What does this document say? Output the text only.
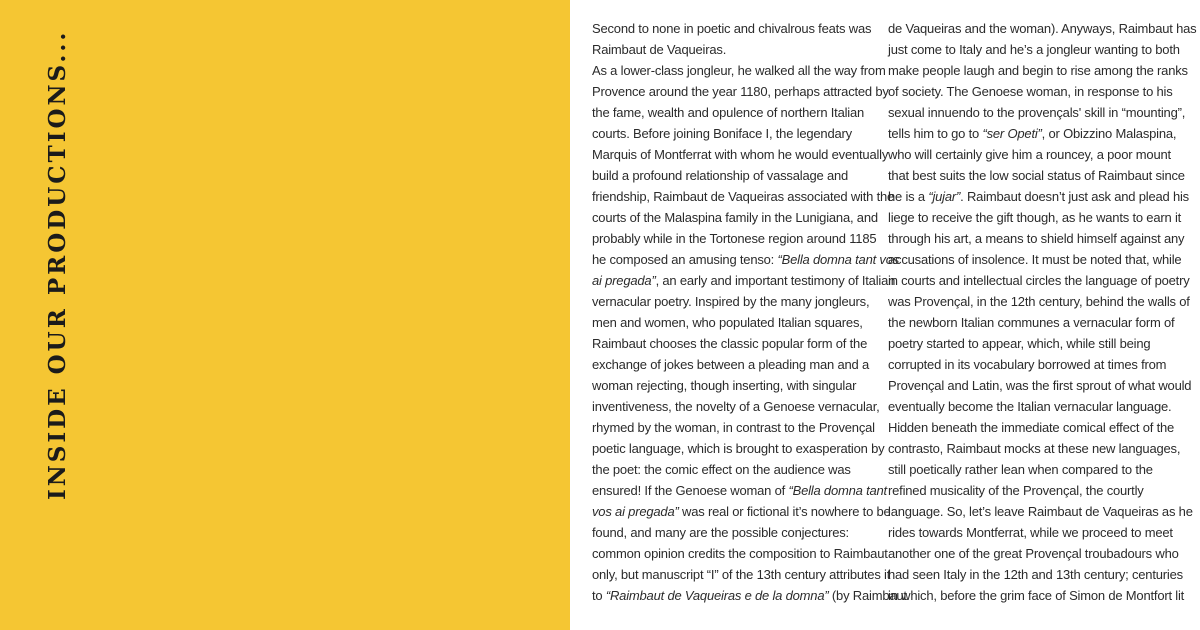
INSIDE OUR PRODUCTIONS...
Second to none in poetic and chivalrous feats was
Raimbaut de Vaqueiras.
As a lower-class jongleur, he walked all the way from
Provence around the year 1180, perhaps attracted by
the fame, wealth and opulence of northern Italian
courts. Before joining Boniface I, the legendary
Marquis of Montferrat with whom he would eventually
build a profound relationship of vassalage and
friendship, Raimbaut de Vaqueiras associated with the
courts of the Malaspina family in the Lunigiana, and
probably while in the Tortonese region around 1185
he composed an amusing tenso: “Bella domna tant vos
ai pregada”, an early and important testimony of Italian
vernacular poetry. Inspired by the many jongleurs,
men and women, who populated Italian squares,
Raimbaut chooses the classic popular form of the
exchange of jokes between a pleading man and a
woman rejecting, though inserting, with singular
inventiveness, the novelty of a Genoese vernacular,
rhymed by the woman, in contrast to the Provençal
poetic language, which is brought to exasperation by
the poet: the comic effect on the audience was
ensured! If the Genoese woman of “Bella domna tant
vos ai pregada” was real or fictional it’s nowhere to be
found, and many are the possible conjectures:
common opinion credits the composition to Raimbaut
only, but manuscript “I” of the 13th century attributes it
to “Raimbaut de Vaqueiras e de la domna” (by Raimbaut
de Vaqueiras and the woman). Anyways, Raimbaut has
just come to Italy and he’s a jongleur wanting to both
make people laugh and begin to rise among the ranks
of society. The Genoese woman, in response to his
sexual innuendo to the provençals' skill in “mounting”,
tells him to go to “ser Opeti”, or Obizzino Malaspina,
who will certainly give him a rouncey, a poor mount
that best suits the low social status of Raimbaut since
he is a “jujar”. Raimbaut doesn’t just ask and plead his
liege to receive the gift though, as he wants to earn it
through his art, a means to shield himself against any
accusations of insolence. It must be noted that, while
in courts and intellectual circles the language of poetry
was Provençal, in the 12th century, behind the walls of
the newborn Italian communes a vernacular form of
poetry started to appear, which, while still being
corrupted in its vocabulary borrowed at times from
Provençal and Latin, was the first sprout of what would
eventually become the Italian vernacular language.
Hidden beneath the immediate comical effect of the
contrasto, Raimbaut mocks at these new languages,
still poetically rather lean when compared to the
refined musicality of the Provençal, the courtly
language. So, let’s leave Raimbaut de Vaqueiras as he
rides towards Montferrat, while we proceed to meet
another one of the great Provençal troubadours who
had seen Italy in the 12th and 13th century; centuries
in which, before the grim face of Simon de Montfort lit
